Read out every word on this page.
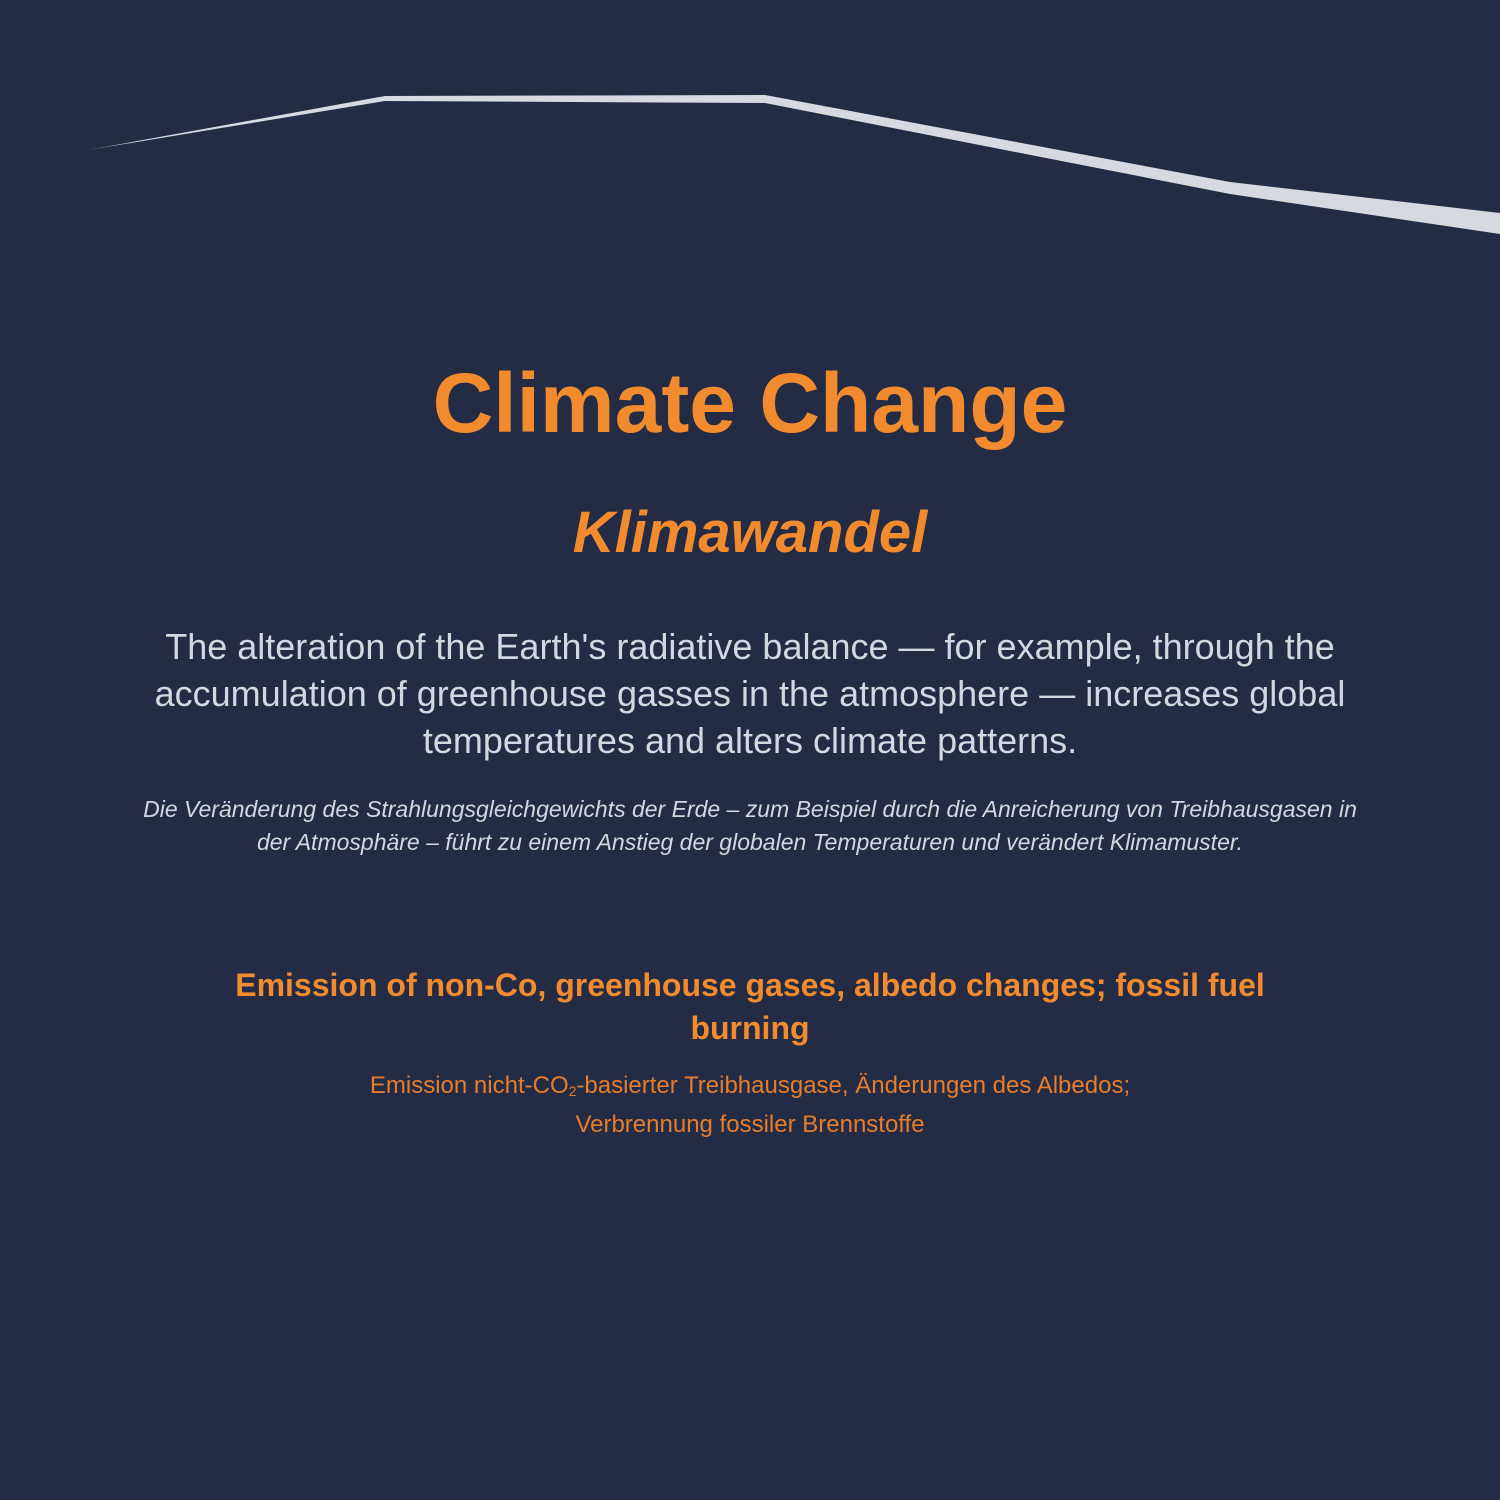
Climate Change
Klimawandel

The alteration of the Earth's radiative balance — for example, through the accumulation of greenhouse gasses in the atmosphere — increases global temperatures and alters climate patterns.

Die Veränderung des Strahlungsgleichgewichts der Erde – zum Beispiel durch die Anreicherung von Treibhausgasen in der Atmosphäre – führt zu einem Anstieg der globalen Temperaturen und verändert Klimamuster.

Emission of non-Co, greenhouse gases, albedo changes; fossil fuel burning

Emission nicht-$CO_2$-basierter Treibhausgase, Änderungen des Albedos; Verbrennung fossiler Brennstoffe
